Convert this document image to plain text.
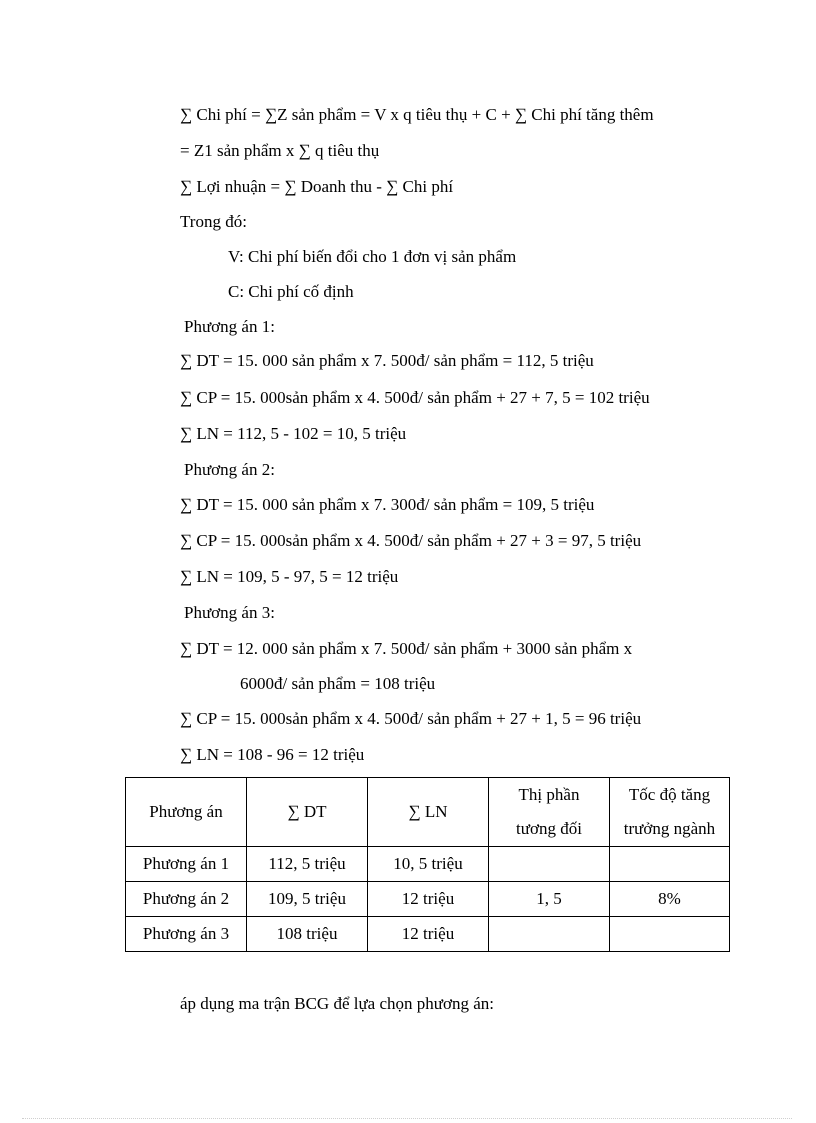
∑ Chi phí = ∑Z sản phẩm = V x q tiêu thụ + C + ∑ Chi phí tăng thêm
= Z1 sản phẩm x ∑ q tiêu thụ
∑ Lợi nhuận = ∑ Doanh thu - ∑ Chi phí
Trong đó:
V: Chi phí biến đổi cho 1 đơn vị sản phẩm
C: Chi phí cố định
Phương án 1:
∑ DT = 15. 000 sản phẩm x 7. 500đ/ sản phẩm = 112, 5 triệu
∑ CP = 15. 000sản phẩm x 4. 500đ/ sản phẩm + 27 + 7, 5 = 102 triệu
∑ LN = 112, 5 - 102 = 10, 5 triệu
Phương án 2:
∑ DT = 15. 000 sản phẩm x 7. 300đ/ sản phẩm = 109, 5 triệu
∑ CP = 15. 000sản phẩm x 4. 500đ/ sản phẩm + 27 + 3 = 97, 5 triệu
∑ LN = 109, 5 - 97, 5 = 12 triệu
Phương án 3:
∑ DT = 12. 000 sản phẩm x 7. 500đ/ sản phẩm + 3000 sản phẩm x
6000đ/ sản phẩm = 108 triệu
∑ CP = 15. 000sản phẩm x 4. 500đ/ sản phẩm + 27 + 1, 5 = 96 triệu
∑ LN = 108 - 96 = 12 triệu
Phương án	∑ DT	∑ LN	Thị phần
tương đối	Tốc độ tăng
trưởng ngành

Phương án 1	112, 5 triệu	10, 5 triệu		
Phương án 2	109, 5 triệu	12 triệu	1, 5	8%
Phương án 3	108 triệu	12 triệu		
áp dụng ma trận BCG để lựa chọn phương án:
